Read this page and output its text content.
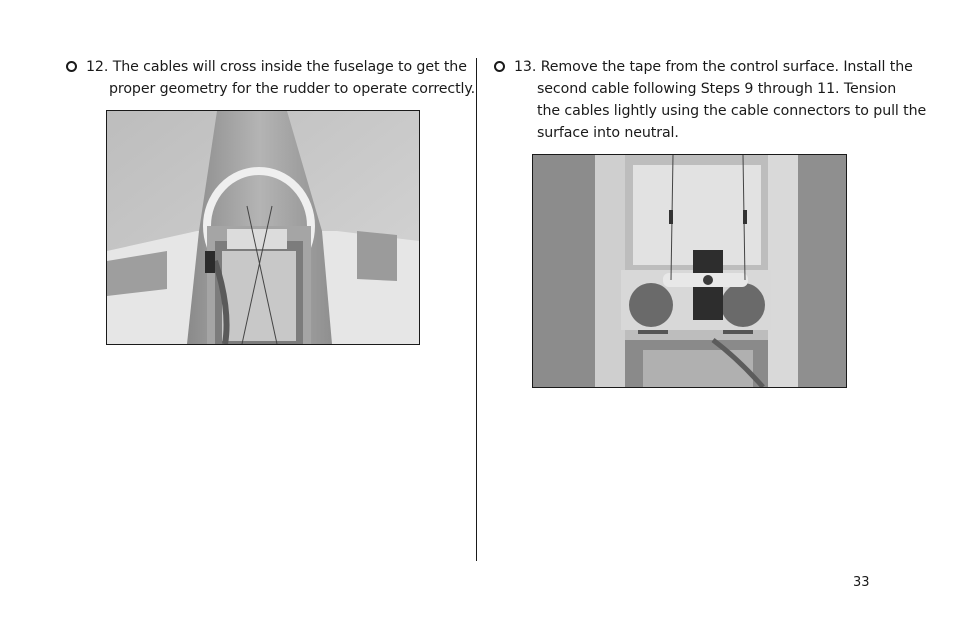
12. The cables will cross inside the fuselage to get the
proper geometry for the rudder to operate correctly.
13. Remove the tape from the control surface. Install the
second cable following Steps 9 through 11. Tension
the cables lightly using the cable connectors to pull the
surface into neutral.
33
